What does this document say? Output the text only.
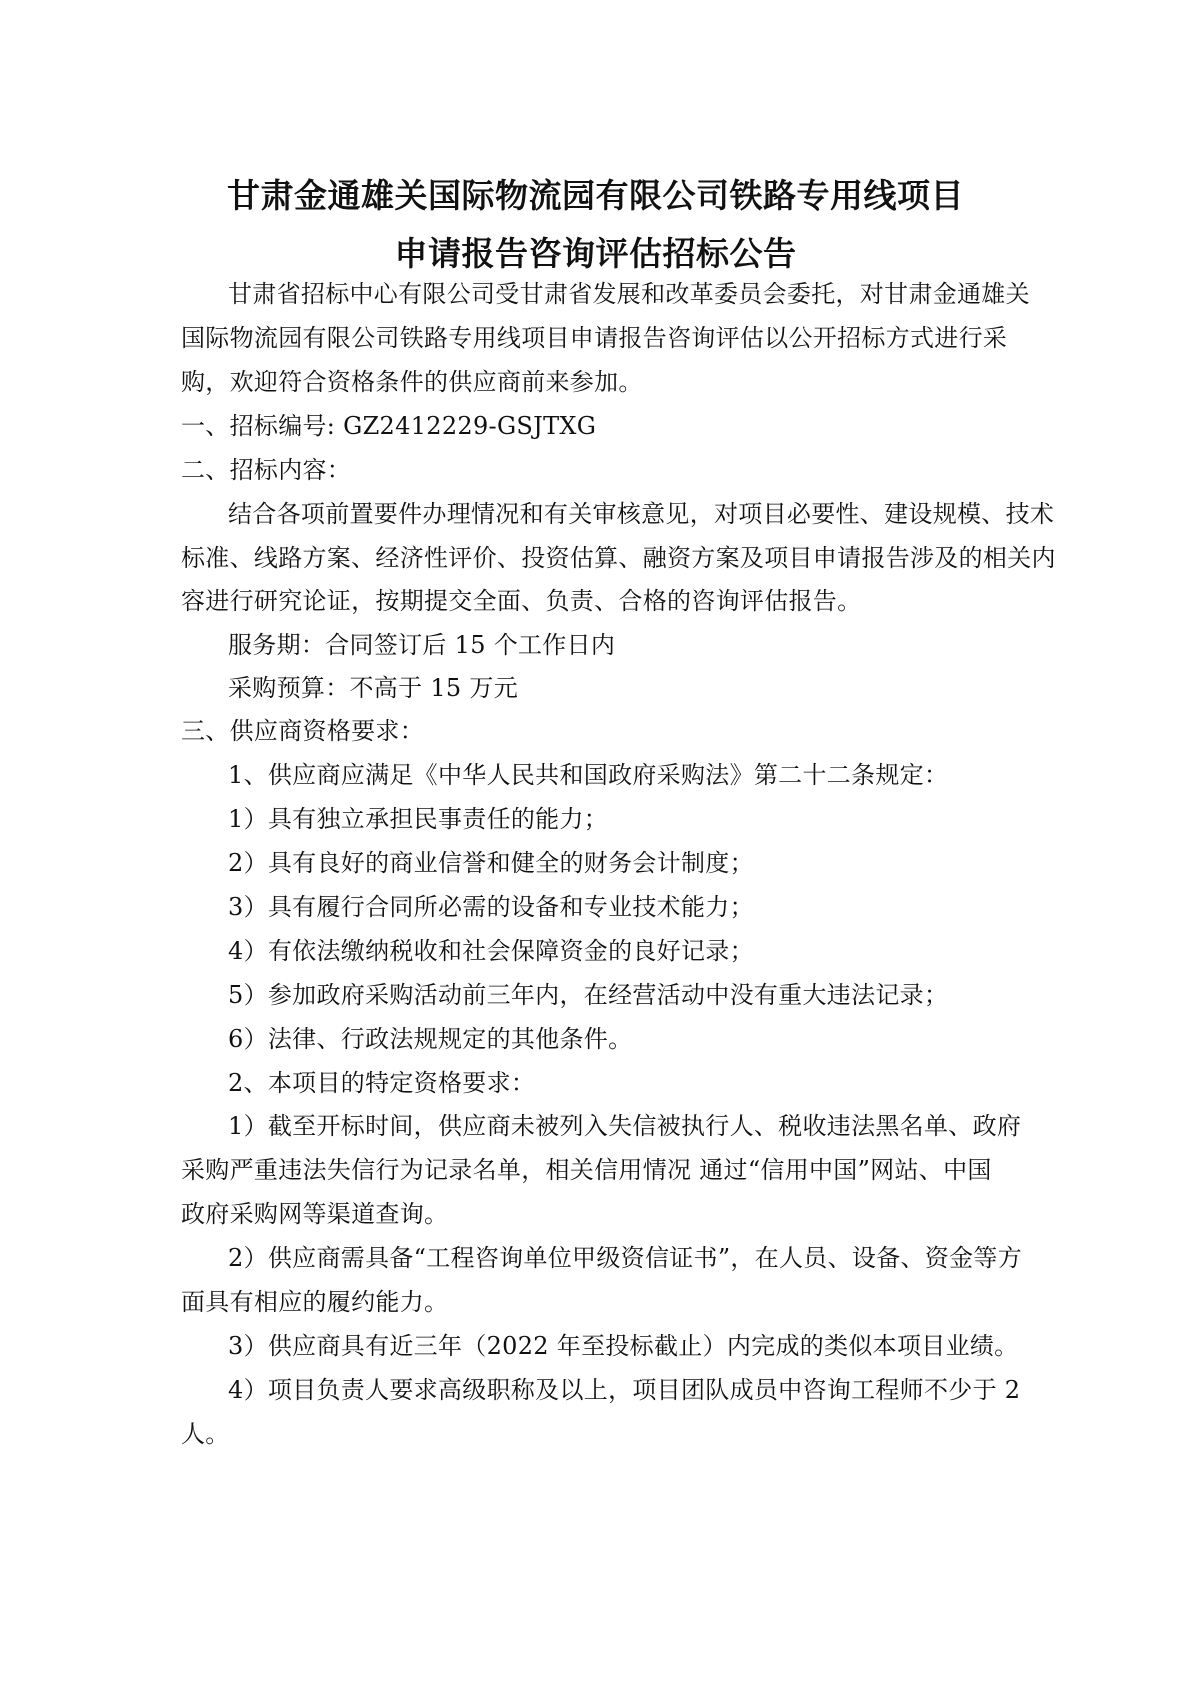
甘肃金通雄关国际物流园有限公司铁路专用线项目
申请报告咨询评估招标公告
甘肃省招标中心有限公司受甘肃省发展和改革委员会委托，对甘肃金通雄关
国际物流园有限公司铁路专用线项目申请报告咨询评估以公开招标方式进行采
购，欢迎符合资格条件的供应商前来参加。
一、招标编号: GZ2412229-GSJTXG
二、招标内容：
结合各项前置要件办理情况和有关审核意见，对项目必要性、建设规模、技术
标准、线路方案、经济性评价、投资估算、融资方案及项目申请报告涉及的相关内
容进行研究论证，按期提交全面、负责、合格的咨询评估报告。
服务期：合同签订后 15 个工作日内
采购预算：不高于 15 万元
三、供应商资格要求：
1、供应商应满足《中华人民共和国政府采购法》第二十二条规定：
1）具有独立承担民事责任的能力；
2）具有良好的商业信誉和健全的财务会计制度；
3）具有履行合同所必需的设备和专业技术能力；
4）有依法缴纳税收和社会保障资金的良好记录；
5）参加政府采购活动前三年内，在经营活动中没有重大违法记录；
6）法律、行政法规规定的其他条件。
2、本项目的特定资格要求：
1）截至开标时间，供应商未被列入失信被执行人、税收违法黑名单、政府
采购严重违法失信行为记录名单，相关信用情况 通过“信用中国”网站、中国
政府采购网等渠道查询。
2）供应商需具备“工程咨询单位甲级资信证书”，在人员、设备、资金等方
面具有相应的履约能力。
3）供应商具有近三年（2022 年至投标截止）内完成的类似本项目业绩。
4）项目负责人要求高级职称及以上，项目团队成员中咨询工程师不少于 2
人。
